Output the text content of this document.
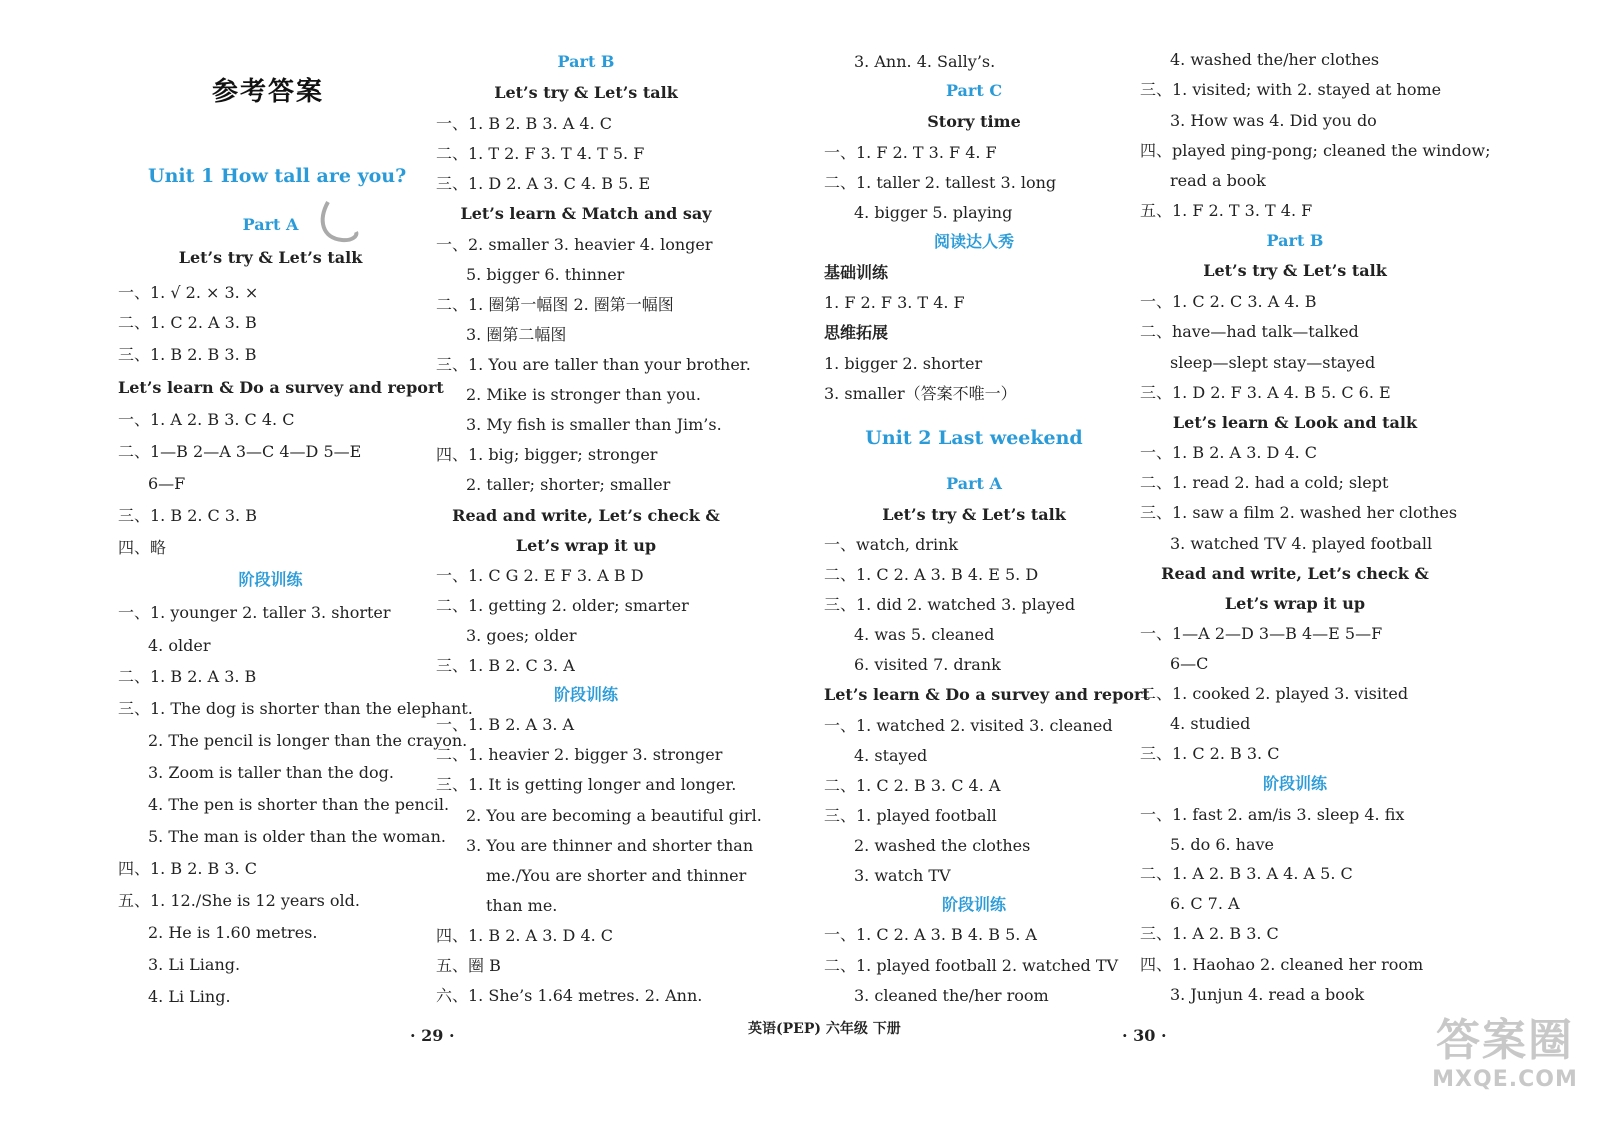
参考答案
Unit 1 How tall are you?
Part A
Let’s try & Let’s talk
一、1. √ 2. × 3. ×
二、1. C 2. A 3. B
三、1. B 2. B 3. B
Let’s learn & Do a survey and report
一、1. A 2. B 3. C 4. C
二、1—B 2—A 3—C 4—D 5—E
6—F
三、1. B 2. C 3. B
四、略
阶段训练
一、1. younger 2. taller 3. shorter
4. older
二、1. B 2. A 3. B
三、1. The dog is shorter than the elephant.
2. The pencil is longer than the crayon.
3. Zoom is taller than the dog.
4. The pen is shorter than the pencil.
5. The man is older than the woman.
四、1. B 2. B 3. C
五、1. 12./She is 12 years old.
2. He is 1.60 metres.
3. Li Liang.
4. Li Ling.
Part B
Let’s try & Let’s talk
一、1. B 2. B 3. A 4. C
二、1. T 2. F 3. T 4. T 5. F
三、1. D 2. A 3. C 4. B 5. E
Let’s learn & Match and say
一、2. smaller 3. heavier 4. longer
5. bigger 6. thinner
二、1. 圈第一幅图 2. 圈第一幅图
3. 圈第二幅图
三、1. You are taller than your brother.
2. Mike is stronger than you.
3. My fish is smaller than Jim’s.
四、1. big; bigger; stronger
2. taller; shorter; smaller
Read and write, Let’s check &
Let’s wrap it up
一、1. C G 2. E F 3. A B D
二、1. getting 2. older; smarter
3. goes; older
三、1. B 2. C 3. A
阶段训练
一、1. B 2. A 3. A
二、1. heavier 2. bigger 3. stronger
三、1. It is getting longer and longer.
2. You are becoming a beautiful girl.
3. You are thinner and shorter than
me./You are shorter and thinner
than me.
四、1. B 2. A 3. D 4. C
五、圈 B
六、1. She’s 1.64 metres. 2. Ann.
3. Ann. 4. Sally’s.
Part C
Story time
一、1. F 2. T 3. F 4. F
二、1. taller 2. tallest 3. long
4. bigger 5. playing
阅读达人秀
基础训练
1. F 2. F 3. T 4. F
思维拓展
1. bigger 2. shorter
3. smaller（答案不唯一）
Unit 2 Last weekend
Part A
Let’s try & Let’s talk
一、watch, drink
二、1. C 2. A 3. B 4. E 5. D
三、1. did 2. watched 3. played
4. was 5. cleaned
6. visited 7. drank
Let’s learn & Do a survey and report
一、1. watched 2. visited 3. cleaned
4. stayed
二、1. C 2. B 3. C 4. A
三、1. played football
2. washed the clothes
3. watch TV
阶段训练
一、1. C 2. A 3. B 4. B 5. A
二、1. played football 2. watched TV
3. cleaned the/her room
4. washed the/her clothes
三、1. visited; with 2. stayed at home
3. How was 4. Did you do
四、played ping-pong; cleaned the window;
read a book
五、1. F 2. T 3. T 4. F
Part B
Let’s try & Let’s talk
一、1. C 2. C 3. A 4. B
二、have—had talk—talked
sleep—slept stay—stayed
三、1. D 2. F 3. A 4. B 5. C 6. E
Let’s learn & Look and talk
一、1. B 2. A 3. D 4. C
二、1. read 2. had a cold; slept
三、1. saw a film 2. washed her clothes
3. watched TV 4. played football
Read and write, Let’s check &
Let’s wrap it up
一、1—A 2—D 3—B 4—E 5—F
6—C
二、1. cooked 2. played 3. visited
4. studied
三、1. C 2. B 3. C
阶段训练
一、1. fast 2. am/is 3. sleep 4. fix
5. do 6. have
二、1. A 2. B 3. A 4. A 5. C
6. C 7. A
三、1. A 2. B 3. C
四、1. Haohao 2. cleaned her room
3. Junjun 4. read a book
· 29 ·	英语(PEP) 六年级 下册	· 30 ·	答案圈
MXQE.COM
